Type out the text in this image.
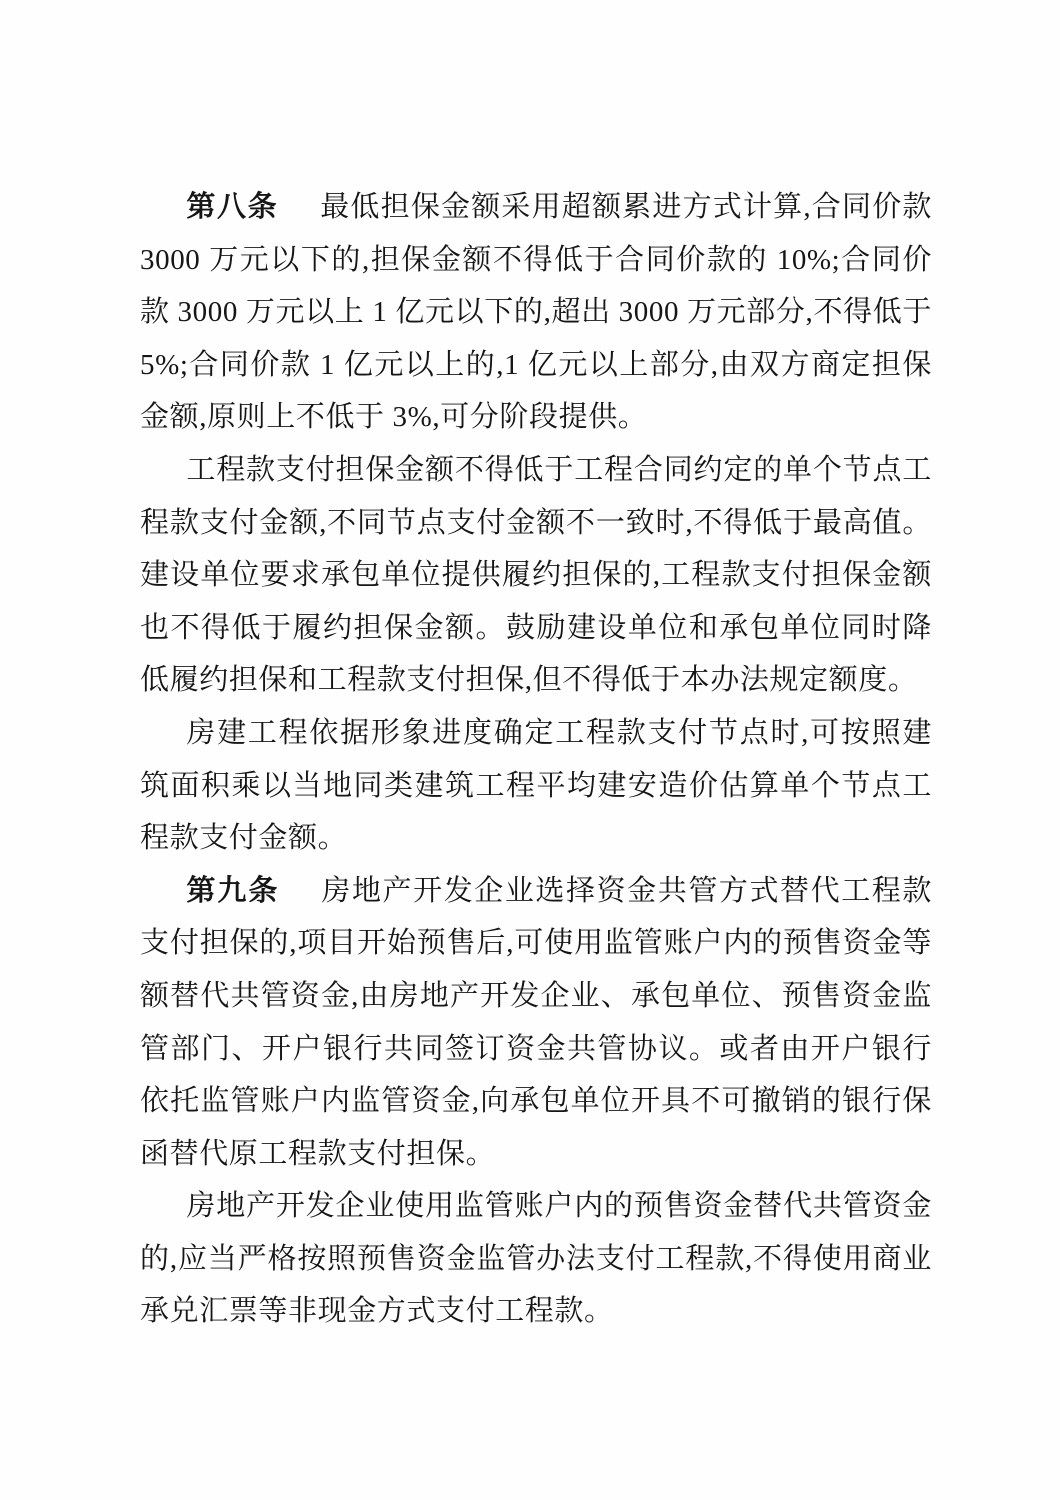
第八条 最低担保金额采用超额累进方式计算,合同价款 3000 万元以下的,担保金额不得低于合同价款的 10%;合同价款 3000 万元以上 1 亿元以下的,超出 3000 万元部分,不得低于 5%;合同价款 1 亿元以上的,1 亿元以上部分,由双方商定担保金额,原则上不低于 3%,可分阶段提供。

工程款支付担保金额不得低于工程合同约定的单个节点工程款支付金额,不同节点支付金额不一致时,不得低于最高值。建设单位要求承包单位提供履约担保的,工程款支付担保金额也不得低于履约担保金额。鼓励建设单位和承包单位同时降低履约担保和工程款支付担保,但不得低于本办法规定额度。

房建工程依据形象进度确定工程款支付节点时,可按照建筑面积乘以当地同类建筑工程平均建安造价估算单个节点工程款支付金额。

第九条 房地产开发企业选择资金共管方式替代工程款支付担保的,项目开始预售后,可使用监管账户内的预售资金等额替代共管资金,由房地产开发企业、承包单位、预售资金监管部门、开户银行共同签订资金共管协议。或者由开户银行依托监管账户内监管资金,向承包单位开具不可撤销的银行保函替代原工程款支付担保。

房地产开发企业使用监管账户内的预售资金替代共管资金的,应当严格按照预售资金监管办法支付工程款,不得使用商业承兑汇票等非现金方式支付工程款。
